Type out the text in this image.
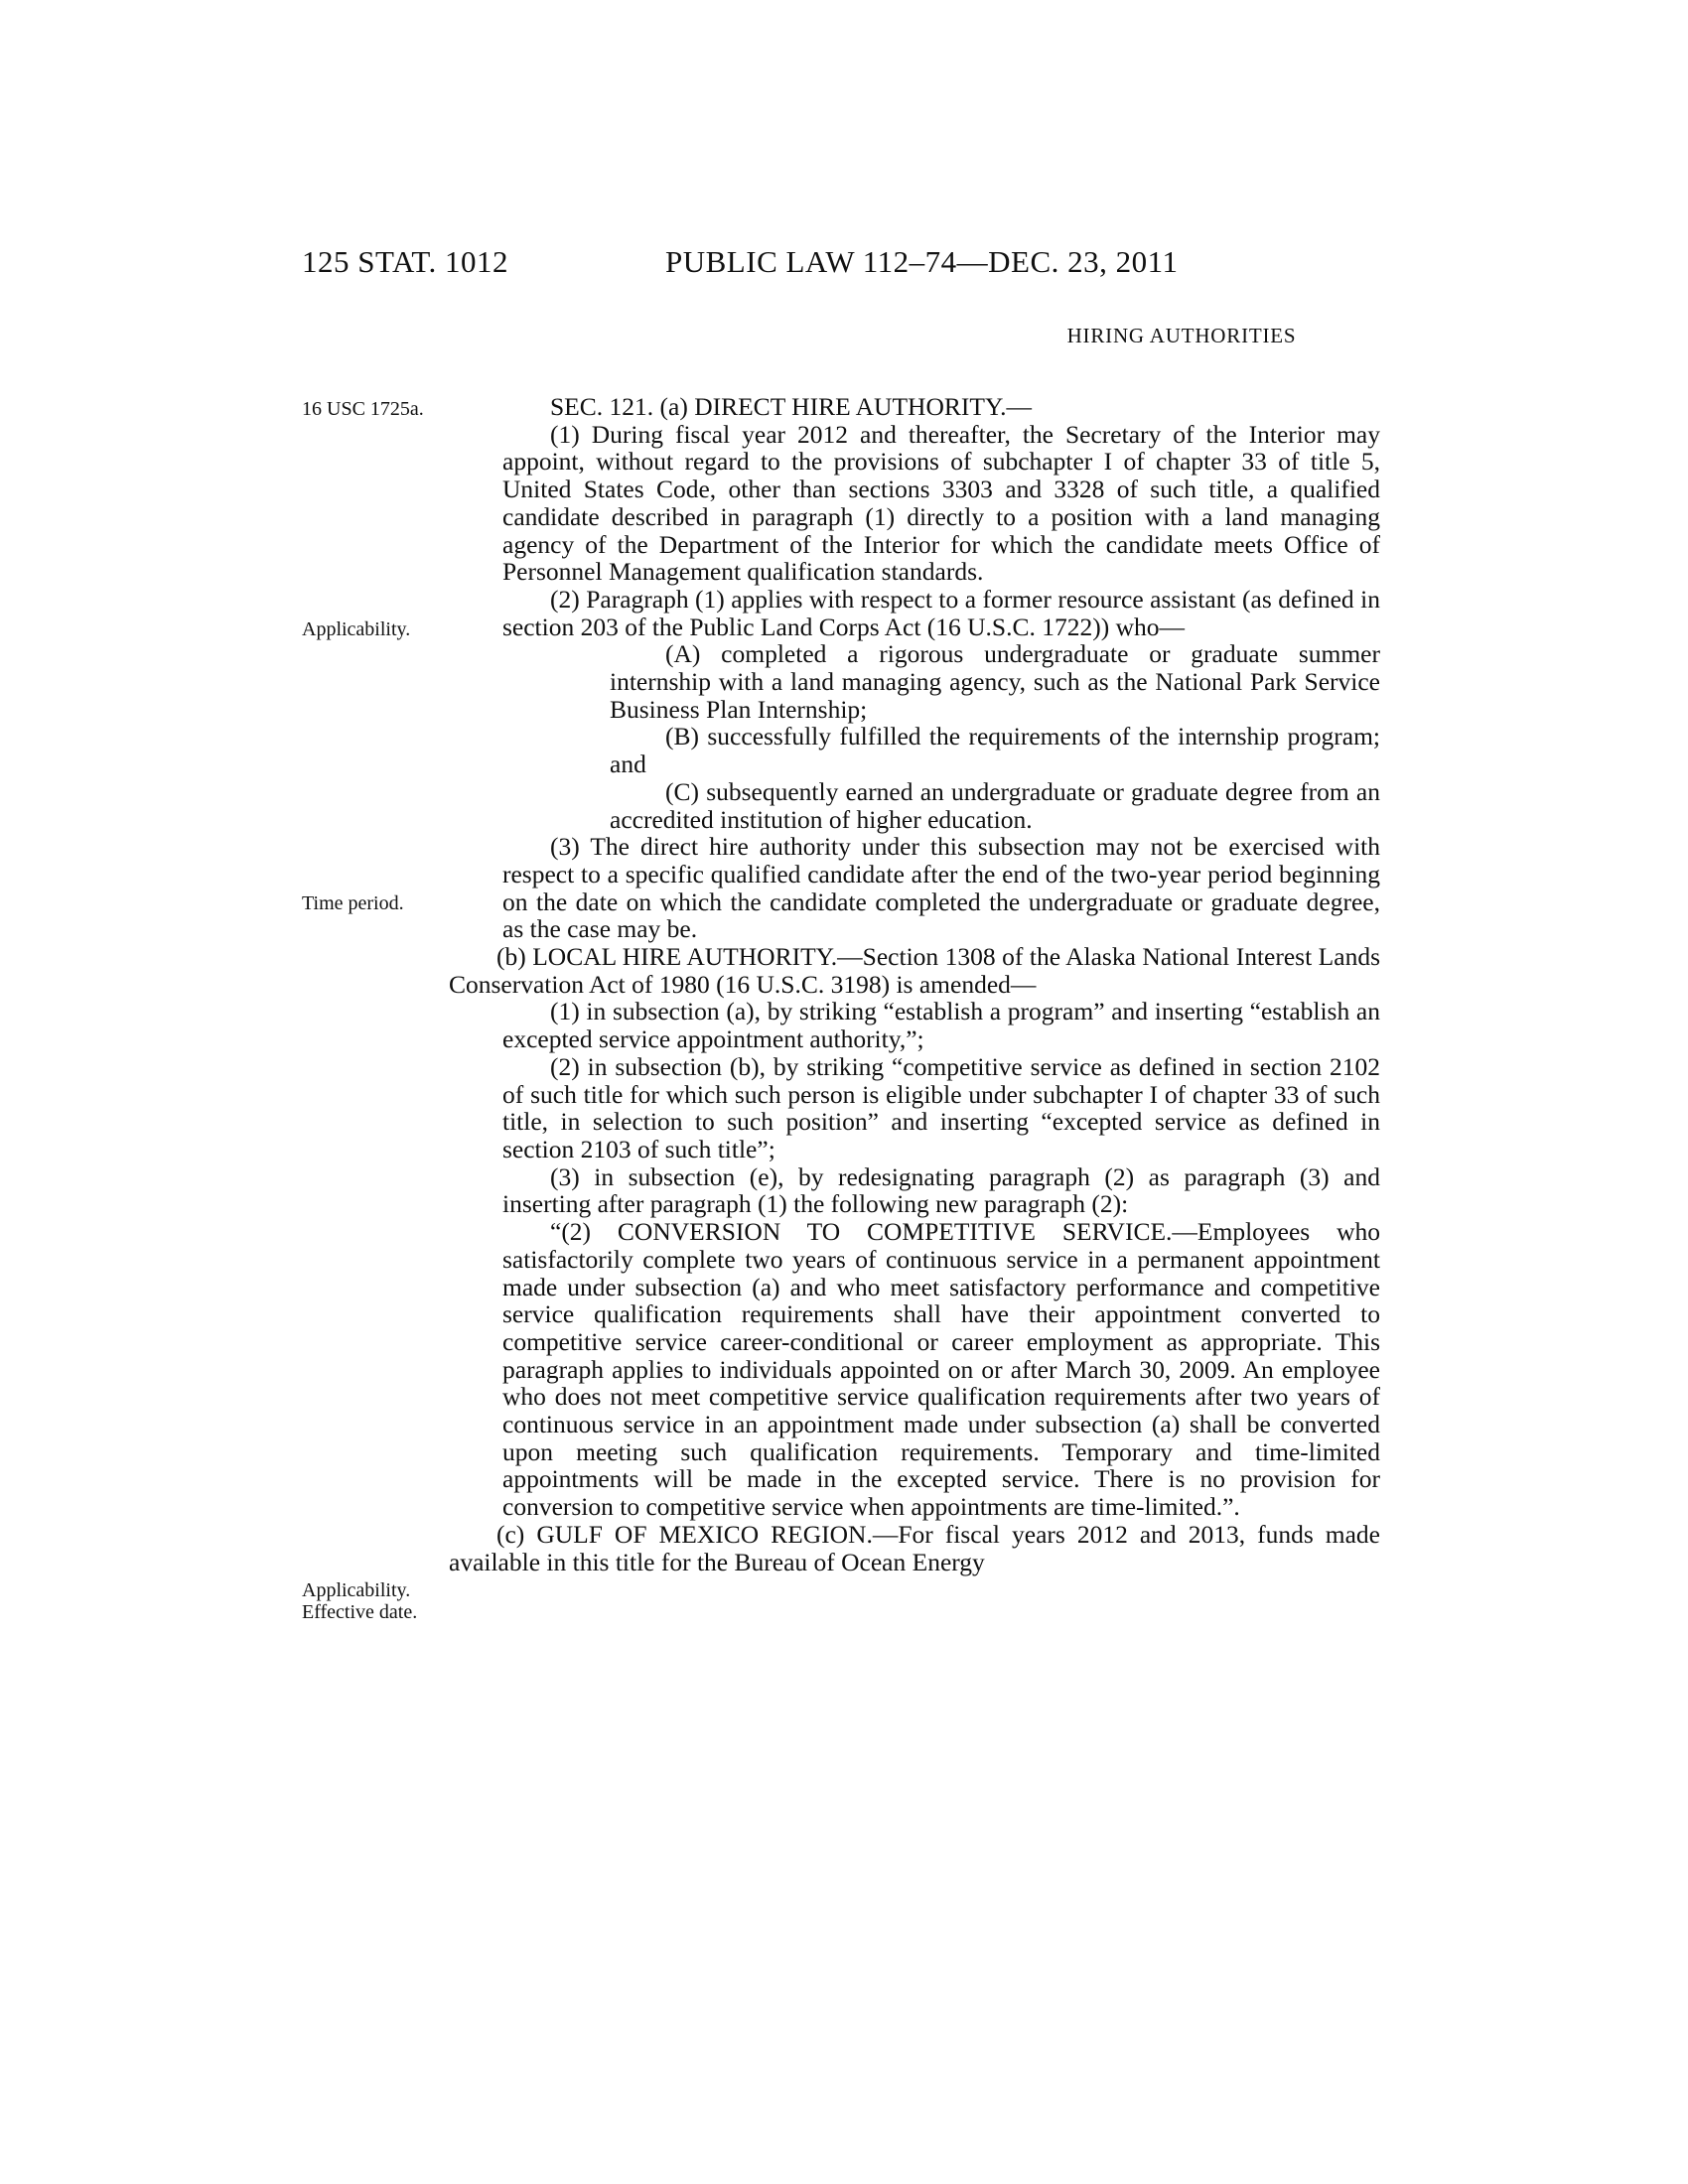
125 STAT. 1012	PUBLIC LAW 112–74—DEC. 23, 2011
HIRING AUTHORITIES
16 USC 1725a.
Applicability.
Time period.
Applicability.
Effective date.

SEC. 121. (a) DIRECT HIRE AUTHORITY.—

(1) During fiscal year 2012 and thereafter, the Secretary of the Interior may appoint, without regard to the provisions of subchapter I of chapter 33 of title 5, United States Code, other than sections 3303 and 3328 of such title, a qualified candidate described in paragraph (1) directly to a position with a land managing agency of the Department of the Interior for which the candidate meets Office of Personnel Management qualification standards.

(2) Paragraph (1) applies with respect to a former resource assistant (as defined in section 203 of the Public Land Corps Act (16 U.S.C. 1722)) who—

(A) completed a rigorous undergraduate or graduate summer internship with a land managing agency, such as the National Park Service Business Plan Internship;

(B) successfully fulfilled the requirements of the internship program; and

(C) subsequently earned an undergraduate or graduate degree from an accredited institution of higher education.

(3) The direct hire authority under this subsection may not be exercised with respect to a specific qualified candidate after the end of the two-year period beginning on the date on which the candidate completed the undergraduate or graduate degree, as the case may be.

(b) LOCAL HIRE AUTHORITY.—Section 1308 of the Alaska National Interest Lands Conservation Act of 1980 (16 U.S.C. 3198) is amended—

(1) in subsection (a), by striking “establish a program” and inserting “establish an excepted service appointment authority,”;

(2) in subsection (b), by striking “competitive service as defined in section 2102 of such title for which such person is eligible under subchapter I of chapter 33 of such title, in selection to such position” and inserting “excepted service as defined in section 2103 of such title”;

(3) in subsection (e), by redesignating paragraph (2) as paragraph (3) and inserting after paragraph (1) the following new paragraph (2):

“(2) CONVERSION TO COMPETITIVE SERVICE.—Employees who satisfactorily complete two years of continuous service in a permanent appointment made under subsection (a) and who meet satisfactory performance and competitive service qualification requirements shall have their appointment converted to competitive service career-conditional or career employment as appropriate. This paragraph applies to individuals appointed on or after March 30, 2009. An employee who does not meet competitive service qualification requirements after two years of continuous service in an appointment made under subsection (a) shall be converted upon meeting such qualification requirements. Temporary and time-limited appointments will be made in the excepted service. There is no provision for conversion to competitive service when appointments are time-limited.”.

(c) GULF OF MEXICO REGION.—For fiscal years 2012 and 2013, funds made available in this title for the Bureau of Ocean Energy
